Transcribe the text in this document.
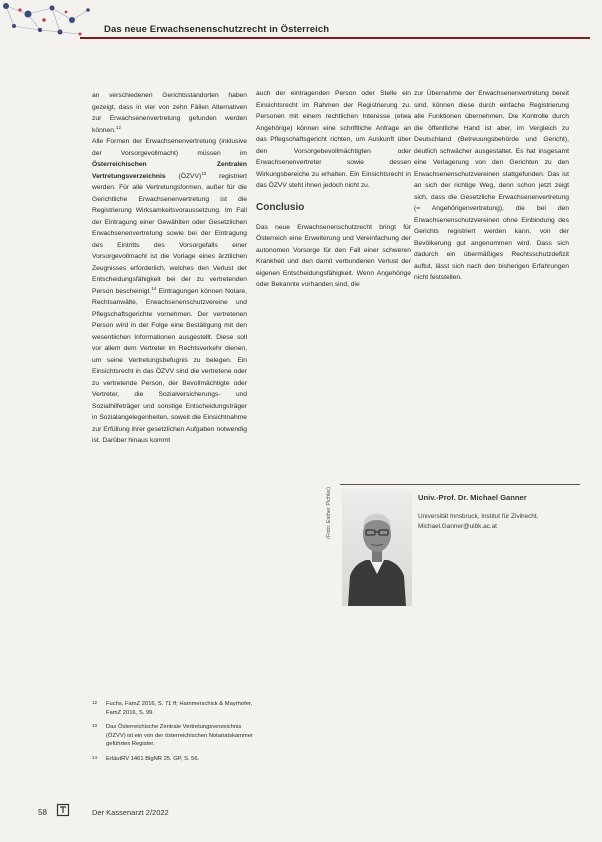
Das neue Erwachsenenschutzrecht in Österreich

an verschiedenen Gerichtsstandorten haben gezeigt, dass in vier von zehn Fällen Alternativen zur Erwachsenenvertretung gefunden werden können.$^{12}$

Alle Formen der Erwachsenenvertretung (inklusive der Vorsorgevollmacht) müssen im Österreichischen Zentralen Vertretungsverzeichnis (ÖZVV)$^{13}$ registriert werden. Für alle Vertretungsformen, außer für die Gerichtliche Erwachsenenvertretung ist die Registrierung Wirksamkeitsvoraussetzung. Im Fall der Eintragung einer Gewählten oder Gesetzlichen Erwachsenenvertretung sowie bei der Eintragung des Eintritts des Vorsorgefalls einer Vorsorgevollmacht ist die Vorlage eines ärztlichen Zeugnisses erforderlich, welches den Verlust der Entscheidungsfähigkeit bei der zu vertretenden Person bescheinigt.$^{14}$ Eintragungen können Notare, Rechtsanwälte, Erwachsenenschutzvereine und Pflegschaftsgerichte vornehmen. Der vertretenen Person wird in der Folge eine Bestätigung mit den wesentlichen Informationen ausgestellt. Diese soll vor allem dem Vertreter im Rechtsverkehr dienen, um seine Vertretungsbefugnis zu belegen. Ein Einsichtsrecht in das ÖZVV sind die vertretene oder zu vertretende Person, der Bevollmächtigte oder Vertreter, die Sozialversicherungs- und Sozialhilfeträger und sonstige Entscheidungsträger in Sozialangelegenheiten, soweit die Einsichtnahme zur Erfüllung ihrer gesetzlichen Aufgaben notwendig ist. Darüber hinaus kommt

auch der eintragenden Person oder Stelle ein Einsichtsrecht im Rahmen der Registrierung zu. Personen mit einem rechtlichen Interesse (etwa Angehörige) können eine schriftliche Anfrage an das Pflegschaftsgericht richten, um Auskunft über den Vorsorgebevollmächtigten oder Erwachsenenvertreter sowie dessen Wirkungsbereiche zu erhalten. Ein Einsichtsrecht in das ÖZVV steht ihnen jedoch nicht zu.

Conclusio

Das neue Erwachsenenschutzrecht bringt für Österreich eine Erweiterung und Vereinfachung der autonomen Vorsorge für den Fall einer schweren Krankheit und den damit verbundenen Verlust der eigenen Entscheidungsfähigkeit. Wenn Angehörige oder Bekannte vorhanden sind, die

zur Übernahme der Erwachsenenvertretung bereit sind, können diese durch einfache Registrierung alle Funktionen übernehmen. Die Kontrolle durch die öffentliche Hand ist aber, im Vergleich zu Deutschland (Betreuungsbehörde und Gericht), deutlich schwächer ausgestaltet. Es hat insgesamt eine Verlagerung von den Gerichten zu den Erwachsenenschutzvereinen stattgefunden. Das ist an sich der richtige Weg, denn schon jetzt zeigt sich, dass die Gesetzliche Erwachsenenvertretung (= Angehörigenvertretung), die bei den Erwachsenenschutzvereinen ohne Einbindung des Gerichts registriert werden kann, von der Bevölkerung gut angenommen wird. Dass sich dadurch ein übermäßiges Rechtsschutzdefizit auftut, lässt sich nach den bisherigen Erfahrungen nicht feststellen.

(Foto: Esther Pichler)	Univ.-Prof. Dr. Michael Ganner
Universität Innsbruck, Institut für Zivilrecht,
Michael.Ganner@uibk.ac.at
12 Fuchs, FamZ 2016, S. 71 ff; Hammerschick & Mayrhofer, FamZ 2016, S. 99.
13 Das Österreichische Zentrale Vertretungsverzeichnis (ÖZVV) ist ein von der österreichischen Notariatskammer geführtes Register.
14 ErläutRV 1461 BlgNR 25. GP, S. 56.
58	Der Kassenarzt 2/2022
